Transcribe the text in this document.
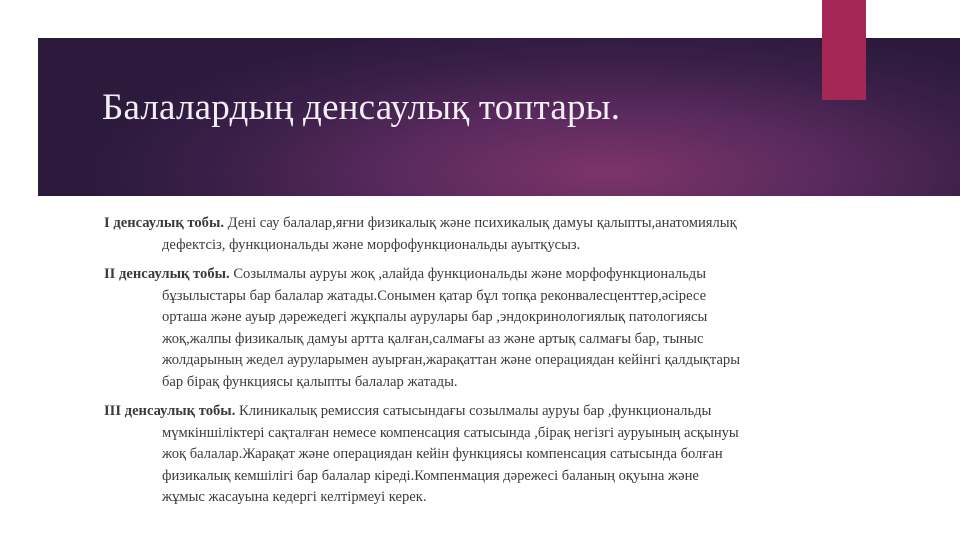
Балалардың денсаулық топтары.

I денсаулық тобы. Дені сау балалар,яғни физикалық және психикалық дамуы қалыпты,анатомиялық
дефектсіз, функциональды және морфофункциональды ауытқусыз.

II денсаулық тобы. Созылмалы ауруы жоқ ,алайда функциональды және морфофункциональды
бұзылыстары бар балалар жатады.Сонымен қатар бұл топқа реконвалесценттер,әсіресе
орташа және ауыр дәрежедегі жұқпалы аурулары бар ,эндокринологиялық патологиясы
жоқ,жалпы физикалық дамуы артта қалған,салмағы аз және артық салмағы бар, тыныс
жолдарының жедел ауруларымен ауырған,жарақаттан және операциядан кейінгі қалдықтары
бар бірақ функциясы қалыпты балалар жатады.

III денсаулық тобы. Клиникалық ремиссия сатысындағы созылмалы ауруы бар ,функциональды
мүмкіншіліктері сақталған немесе компенсация сатысында ,бірақ негізгі ауруының асқынуы
жоқ балалар.Жарақат және операциядан кейін функциясы компенсация сатысында болған
физикалық кемшілігі бар балалар кіреді.Компенмация дәрежесі баланың оқуына және
жұмыс жасауына кедергі келтірмеуі керек.
